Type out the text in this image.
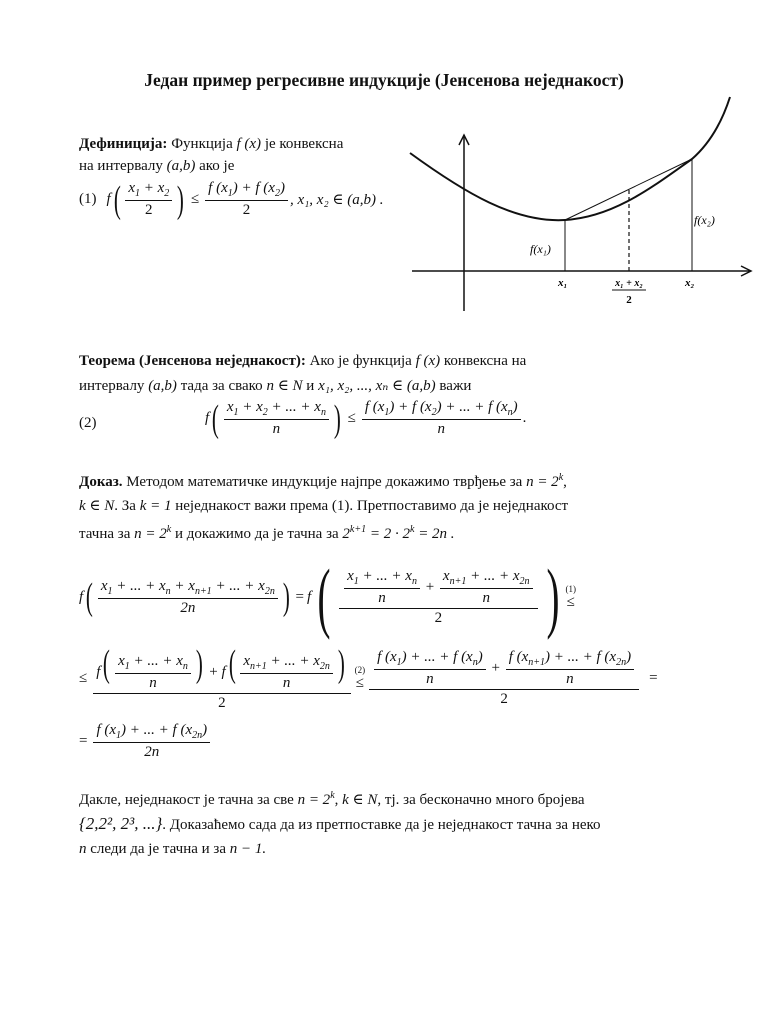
Један пример регресивне индукције (Јенсенова неједнакост)
Дефиниција: Функција f (x) је конвексна
на интервалу (a,b) ако је
(1) f ( $\frac{x_1 + x_2}{2}$ ) ≤ $\frac{f (x_1) + f (x_2)}{2}$ , x₁, x₂ ∈ (a,b) .
f(x₁)
f(x₂)
x₁	x₂
x₁ + x₂
2
Теорема (Јенсенова неједнакост): Ако је функција f (x) конвексна на
интервалу (a,b) тада за свако n ∈ N и x₁, x₂, ..., xₙ ∈ (a,b) важи
(2)	f ( $\frac{x_1 + x_2 + ... + x_n}{n}$ ) ≤ $\frac{f (x_1) + f (x_2) + ... + f (x_n)}{n}$ .
Доказ. Методом математичке индукције најпре докажимо тврђење за $n = 2^k$,
k ∈ N. За k = 1 неједнакост важи према (1). Претпоставимо да је неједнакост
тачна за $n = 2^k$ и докажимо да је тачна за $2^{k+1} = 2 \cdot 2^k = 2n$ .
f ( $\frac{x_1 + ... + x_n + x_{n+1} + ... + x_{2n}}{2n}$ ) = f ( $\frac{\frac{x_1 + ... + x_n}{n} + \frac{x_{n+1} + ... + x_{2n}}{n}}{2}$ ) (1)
≤
≤ $\frac{f( \frac{x_1 + ... + x_n}{n} ) + f( \frac{x_{n+1} + ... + x_{2n}}{n} )}{2} (2)$
≤ $\frac{\frac{f (x_1) + ... + f (x_n)}{n} + \frac{f (x_{n+1}) + ... + f (x_{2n})}{n}}{2}$ =
= $\frac{f (x_1) + ... + f (x_{2n})}{2n}$
Дакле, неједнакост је тачна за све $n = 2^k$, k ∈ N, тј. за бесконачно много бројева
{2,2², 2³, ...}. Доказаћемо сада да из претпоставке да је неједнакост тачна за неко
n следи да је тачна и за n − 1.
